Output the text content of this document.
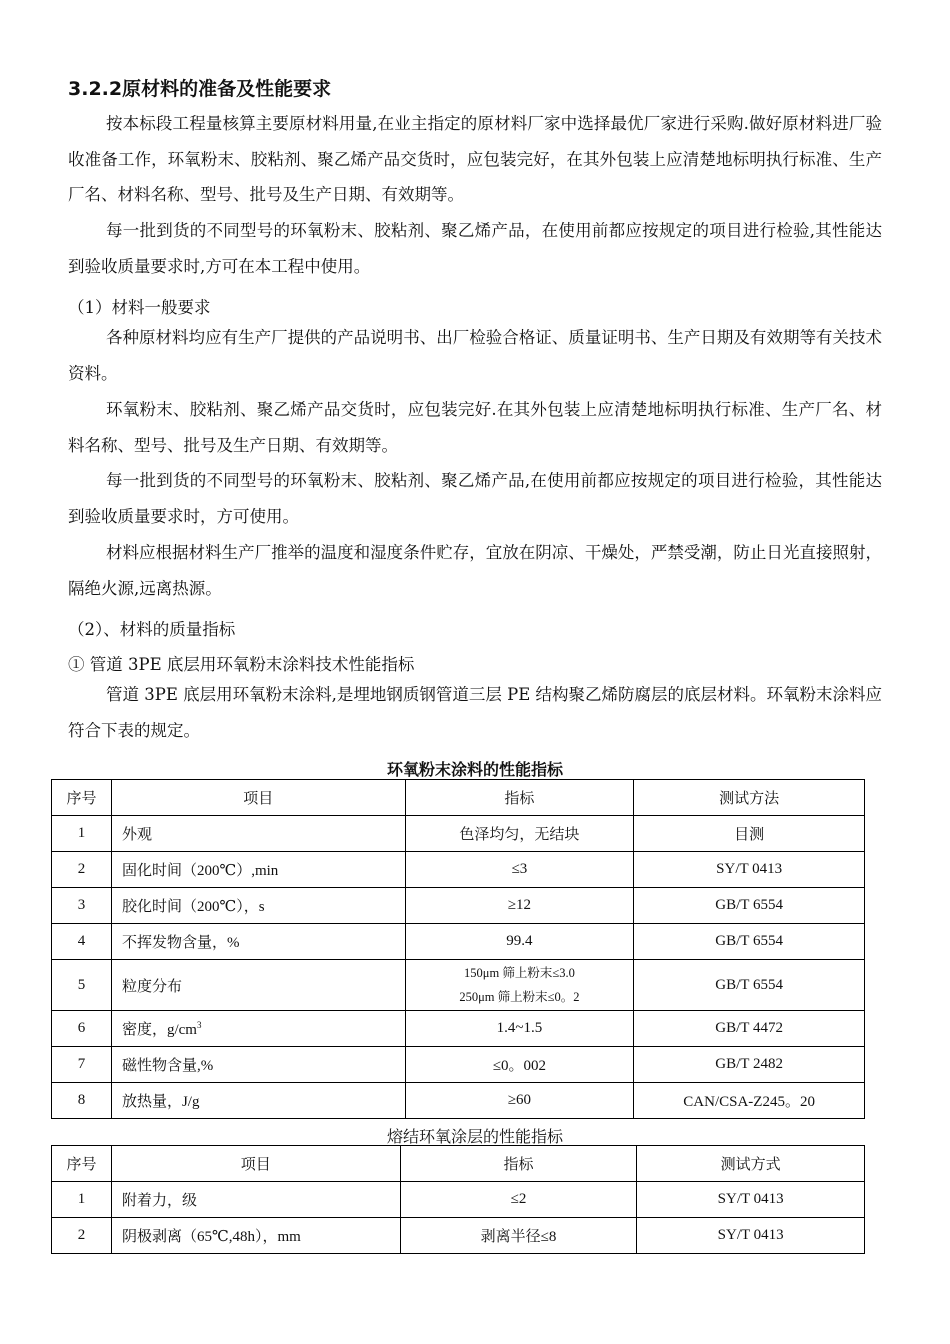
3.2.2原材料的准备及性能要求
按本标段工程量核算主要原材料用量,在业主指定的原材料厂家中选择最优厂家进行采购.做好原材料进厂验收准备工作，环氧粉末、胶粘剂、聚乙烯产品交货时，应包装完好，在其外包装上应清楚地标明执行标准、生产厂名、材料名称、型号、批号及生产日期、有效期等。
每一批到货的不同型号的环氧粉末、胶粘剂、聚乙烯产品，在使用前都应按规定的项目进行检验,其性能达到验收质量要求时,方可在本工程中使用。
（1）材料一般要求
各种原材料均应有生产厂提供的产品说明书、出厂检验合格证、质量证明书、生产日期及有效期等有关技术资料。
环氧粉末、胶粘剂、聚乙烯产品交货时，应包装完好.在其外包装上应清楚地标明执行标准、生产厂名、材料名称、型号、批号及生产日期、有效期等。
每一批到货的不同型号的环氧粉末、胶粘剂、聚乙烯产品,在使用前都应按规定的项目进行检验，其性能达到验收质量要求时，方可使用。
材料应根据材料生产厂推举的温度和湿度条件贮存，宜放在阴凉、干燥处，严禁受潮，防止日光直接照射，隔绝火源,远离热源。
（2）、材料的质量指标
① 管道 3PE 底层用环氧粉末涂料技术性能指标
管道 3PE 底层用环氧粉末涂料,是埋地钢质钢管道三层 PE 结构聚乙烯防腐层的底层材料。环氧粉末涂料应符合下表的规定。
环氧粉末涂料的性能指标
序号	项目	指标	测试方法
1	外观	色泽均匀，无结块	目测
2	固化时间（200℃）,min	≤3	SY/T 0413
3	胶化时间（200℃），s	≥12	GB/T 6554
4	不挥发物含量，%	99.4	GB/T 6554
5	粒度分布	150μm 筛上粉末≤3.0
250μm 筛上粉末≤0。2	GB/T 6554
6	密度，$g/cm^3$	1.4~1.5	GB/T 4472
7	磁性物含量,%	≤0。002	GB/T 2482
8	放热量，J/g	≥60	CAN/CSA-Z245。20
熔结环氧涂层的性能指标
序号	项目	指标	测试方式
1	附着力，级	≤2	SY/T 0413
2	阴极剥离（65℃,48h），mm	剥离半径≤8	SY/T 0413
